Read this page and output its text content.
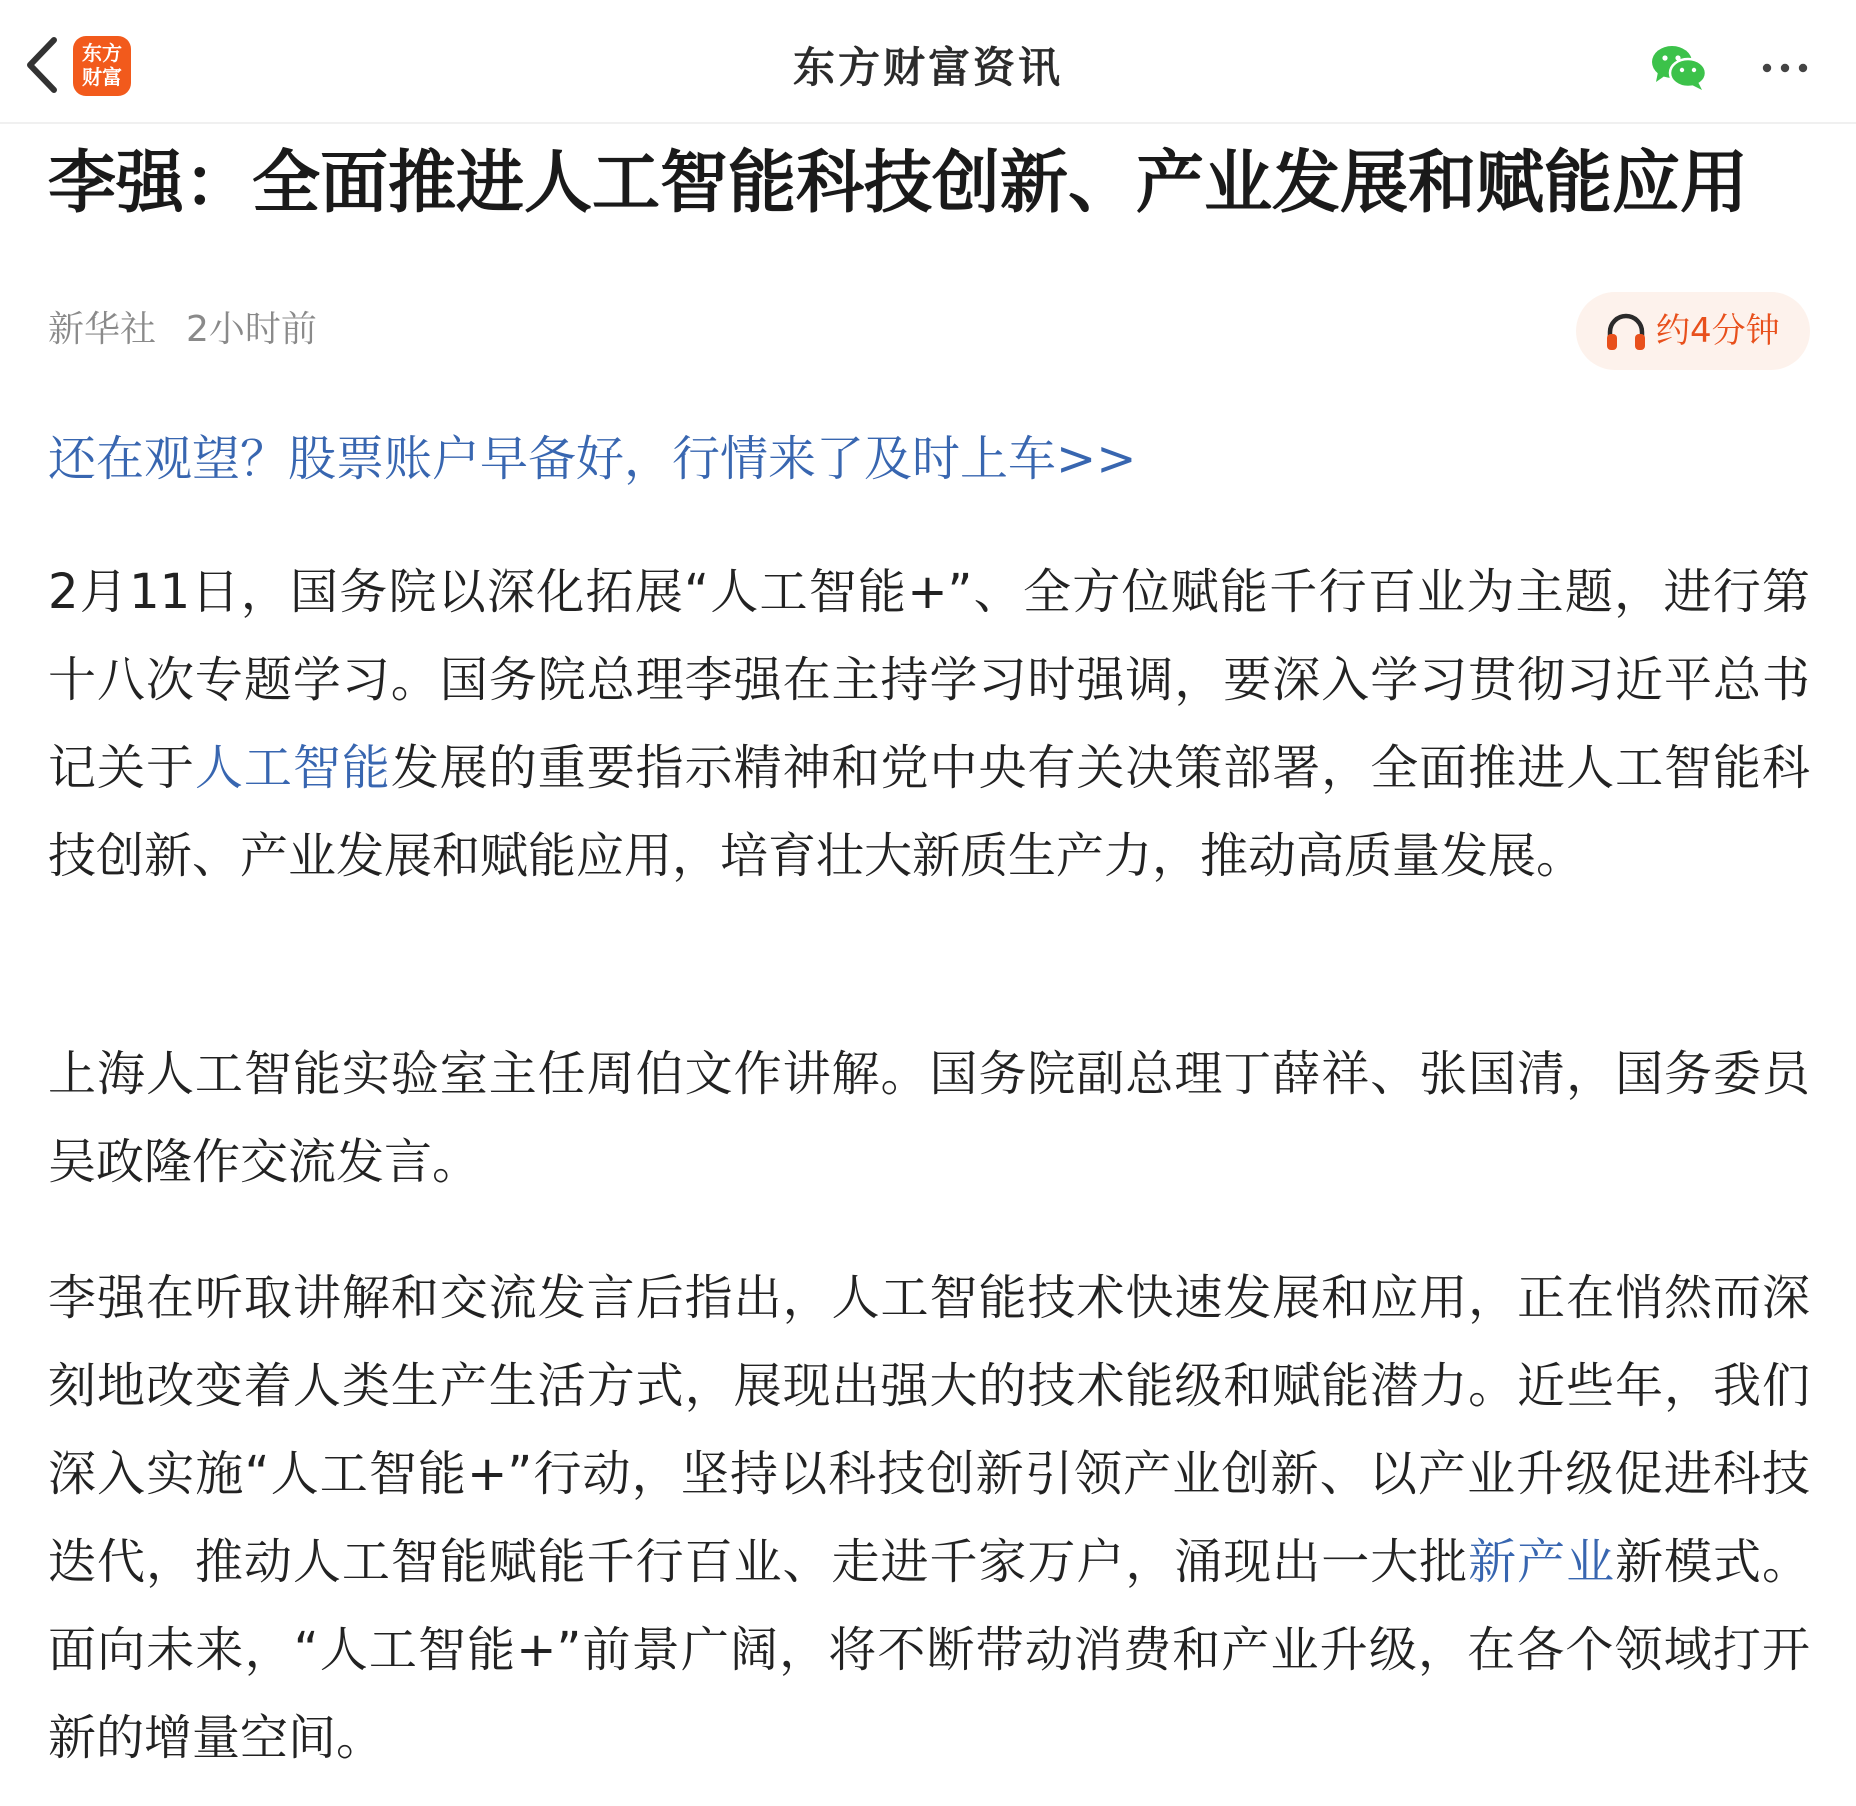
东方
财富	东方财富资讯
李强：全面推进人工智能科技创新、产业发展和赋能应用
新华社 2小时前	约4分钟
还在观望？股票账户早备好，行情来了及时上车>>

2月11日，国务院以深化拓展“人工智能+”、全方位赋能千行百业为主题，进行第十八次专题学习。国务院总理李强在主持学习时强调，要深入学习贯彻习近平总书记关于人工智能发展的重要指示精神和党中央有关决策部署，全面推进人工智能科技创新、产业发展和赋能应用，培育壮大新质生产力，推动高质量发展。

上海人工智能实验室主任周伯文作讲解。国务院副总理丁薛祥、张国清，国务委员吴政隆作交流发言。

李强在听取讲解和交流发言后指出，人工智能技术快速发展和应用，正在悄然而深刻地改变着人类生产生活方式，展现出强大的技术能级和赋能潜力。近些年，我们深入实施“人工智能+”行动，坚持以科技创新引领产业创新、以产业升级促进科技迭代，推动人工智能赋能千行百业、走进千家万户，涌现出一大批新产业新模式。面向未来，“人工智能+”前景广阔，将不断带动消费和产业升级，在各个领域打开新的增量空间。
